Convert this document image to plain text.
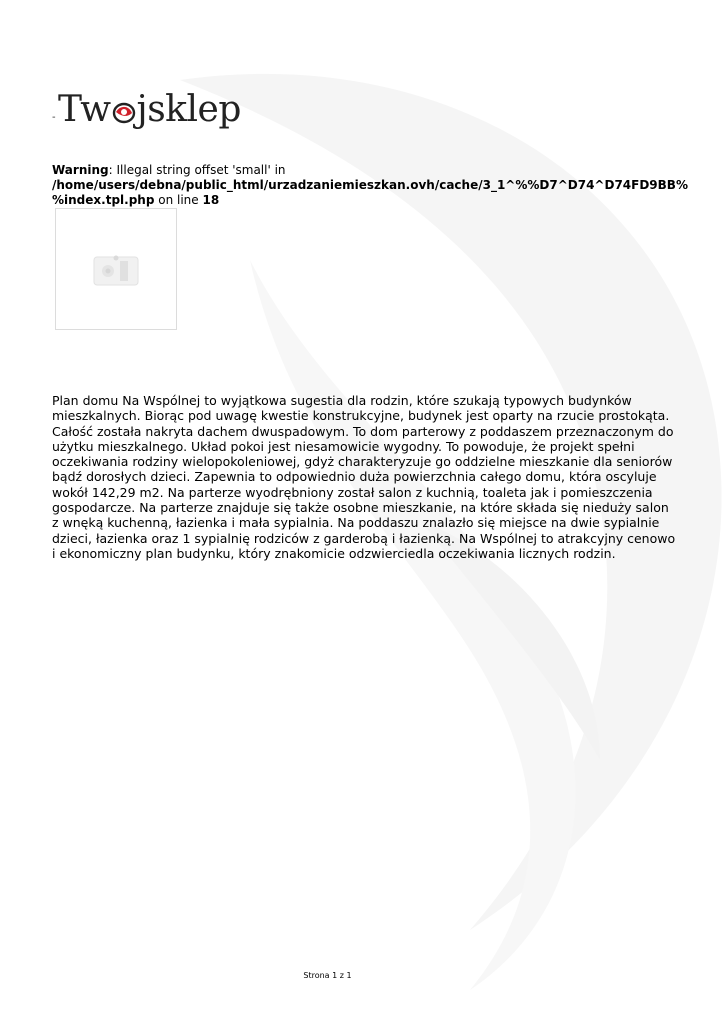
- Tw jsklep
Warning: Illegal string offset 'small' in
/home/users/debna/public_html/urzadzaniemieszkan.ovh/cache/3_1^%%D7^D74^D74FD9BB%%index.tpl.php on line 18
Plan domu Na Wspólnej to wyjątkowa sugestia dla rodzin, które szukają typowych budynków mieszkalnych. Biorąc pod uwagę kwestie konstrukcyjne, budynek jest oparty na rzucie prostokąta. Całość została nakryta dachem dwuspadowym. To dom parterowy z poddaszem przeznaczonym do użytku mieszkalnego. Układ pokoi jest niesamowicie wygodny. To powoduje, że projekt spełni oczekiwania rodziny wielopokoleniowej, gdyż charakteryzuje go oddzielne mieszkanie dla seniorów bądź dorosłych dzieci. Zapewnia to odpowiednio duża powierzchnia całego domu, która oscyluje wokół 142,29 m2. Na parterze wyodrębniony został salon z kuchnią, toaleta jak i pomieszczenia gospodarcze. Na parterze znajduje się także osobne mieszkanie, na które składa się nieduży salon z wnęką kuchenną, łazienka i mała sypialnia. Na poddaszu znalazło się miejsce na dwie sypialnie dzieci, łazienka oraz 1 sypialnię rodziców z garderobą i łazienką. Na Wspólnej to atrakcyjny cenowo i ekonomiczny plan budynku, który znakomicie odzwierciedla oczekiwania licznych rodzin.
Strona 1 z 1
